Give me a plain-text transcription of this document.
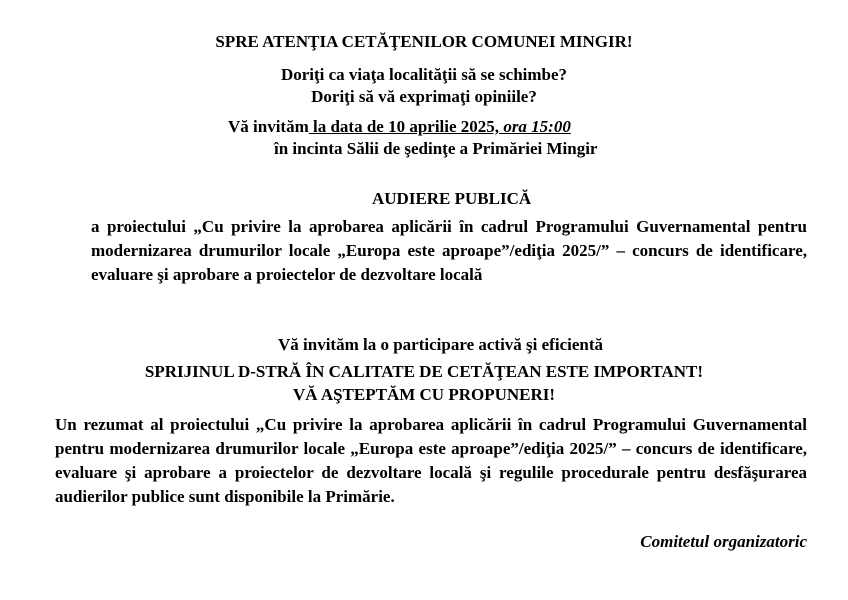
SPRE ATENŢIA CETĂŢENILOR COMUNEI MINGIR!
Doriţi ca viaţa localităţii să se schimbe?
Doriţi să vă exprimaţi opiniile?
Vă invităm la data de 10 aprilie 2025, ora 15:00
în incinta Sălii de şedinţe a Primăriei Mingir
AUDIERE PUBLICĂ
a proiectului „Cu privire la aprobarea aplicării în cadrul Programului Guvernamental pentru modernizarea drumurilor locale „Europa este aproape”/ediţia 2025/” – concurs de identificare, evaluare şi aprobare a proiectelor de dezvoltare locală
Vă invităm la o participare activă şi eficientă
SPRIJINUL D-STRĂ ÎN CALITATE DE CETĂŢEAN ESTE IMPORTANT!
VĂ AŞTEPTĂM CU PROPUNERI!
Un rezumat al proiectului „Cu privire la aprobarea aplicării în cadrul Programului Guvernamental pentru modernizarea drumurilor locale „Europa este aproape”/ediţia 2025/” – concurs de identificare, evaluare şi aprobare a proiectelor de dezvoltare locală şi regulile procedurale pentru desfăşurarea audierilor publice sunt disponibile la Primărie.
Comitetul organizatoric
